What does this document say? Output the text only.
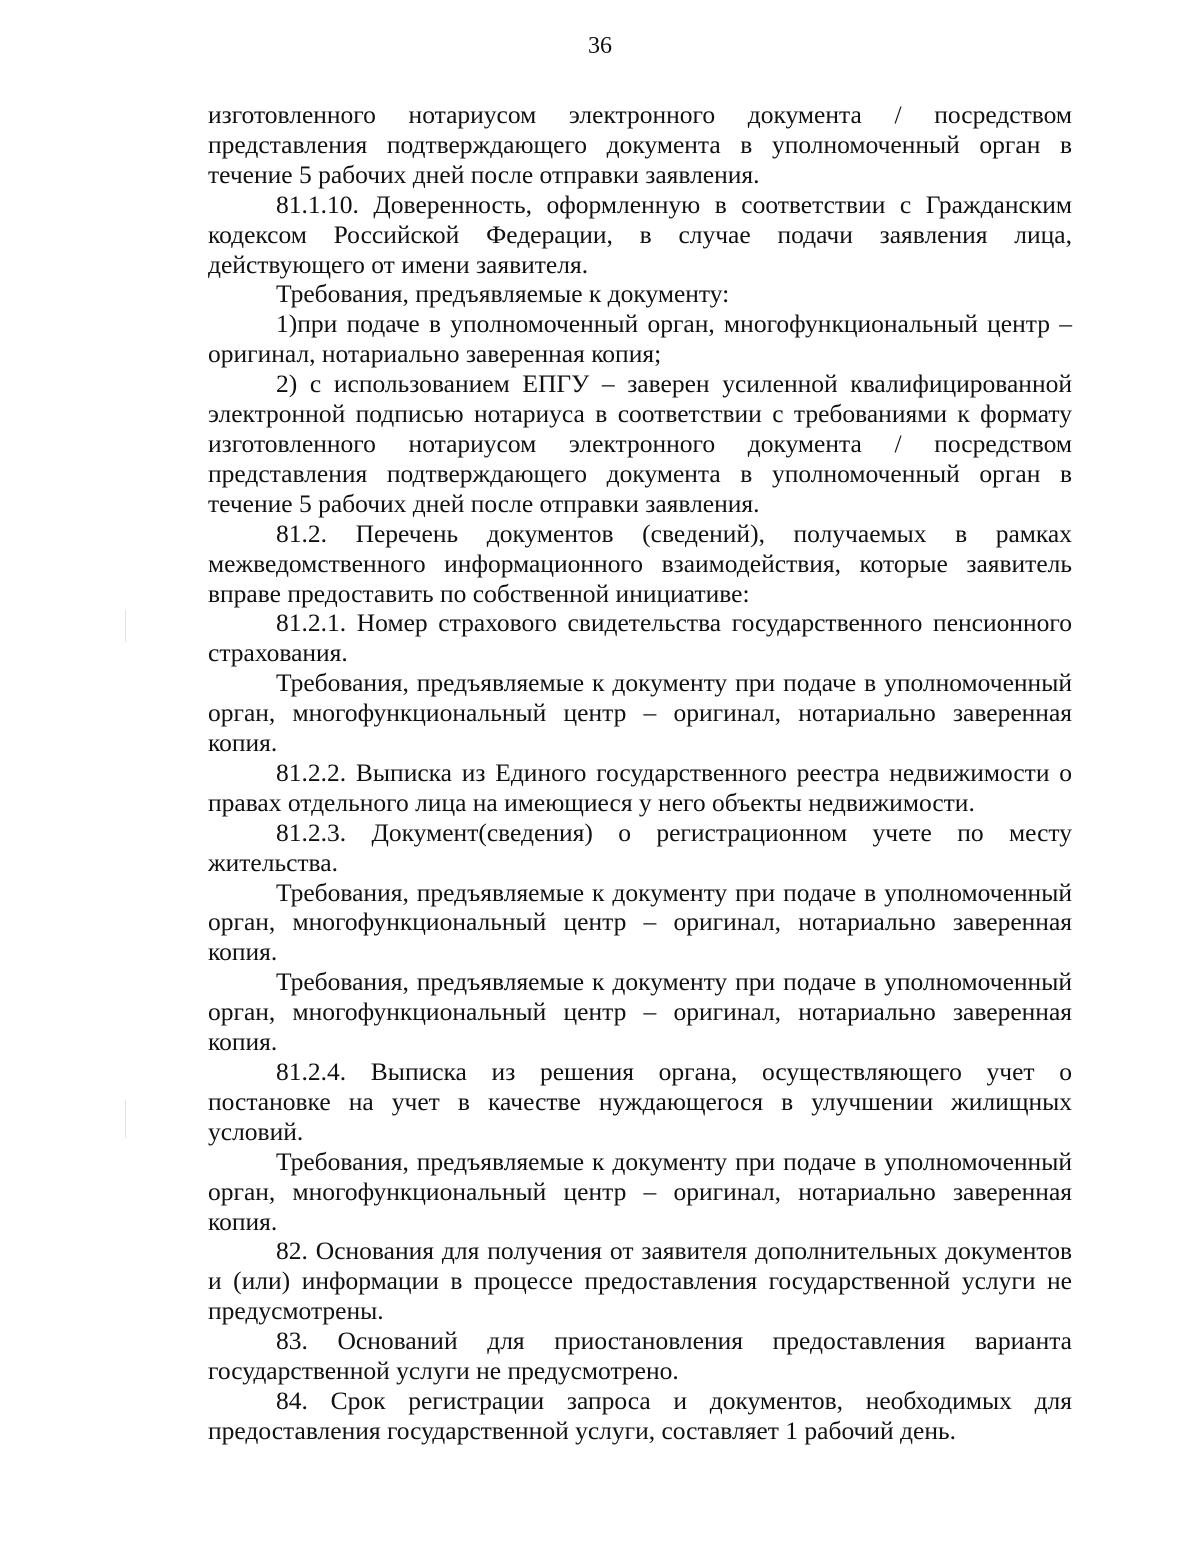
36

изготовленного нотариусом электронного документа / посредством представления подтверждающего документа в уполномоченный орган в течение 5 рабочих дней после отправки заявления.

81.1.10. Доверенность, оформленную в соответствии с Гражданским кодексом Российской Федерации, в случае подачи заявления лица, действующего от имени заявителя.

Требования, предъявляемые к документу:

1)при подаче в уполномоченный орган, многофункциональный центр – оригинал, нотариально заверенная копия;

2) с использованием ЕПГУ – заверен усиленной квалифицированной электронной подписью нотариуса в соответствии с требованиями к формату изготовленного нотариусом электронного документа / посредством представления подтверждающего документа в уполномоченный орган в течение 5 рабочих дней после отправки заявления.

81.2. Перечень документов (сведений), получаемых в рамках межведомственного информационного взаимодействия, которые заявитель вправе предоставить по собственной инициативе:

81.2.1. Номер страхового свидетельства государственного пенсионного страхования.

Требования, предъявляемые к документу при подаче в уполномоченный орган, многофункциональный центр – оригинал, нотариально заверенная копия.

81.2.2. Выписка из Единого государственного реестра недвижимости о правах отдельного лица на имеющиеся у него объекты недвижимости.

81.2.3. Документ(сведения) о регистрационном учете по месту жительства.

Требования, предъявляемые к документу при подаче в уполномоченный орган, многофункциональный центр – оригинал, нотариально заверенная копия.

Требования, предъявляемые к документу при подаче в уполномоченный орган, многофункциональный центр – оригинал, нотариально заверенная копия.

81.2.4. Выписка из решения органа, осуществляющего учет о постановке на учет в качестве нуждающегося в улучшении жилищных условий.

Требования, предъявляемые к документу при подаче в уполномоченный орган, многофункциональный центр – оригинал, нотариально заверенная копия.

82. Основания для получения от заявителя дополнительных документов и (или) информации в процессе предоставления государственной услуги не предусмотрены.

83. Оснований для приостановления предоставления варианта государственной услуги не предусмотрено.

84. Срок регистрации запроса и документов, необходимых для предоставления государственной услуги, составляет 1 рабочий день.
